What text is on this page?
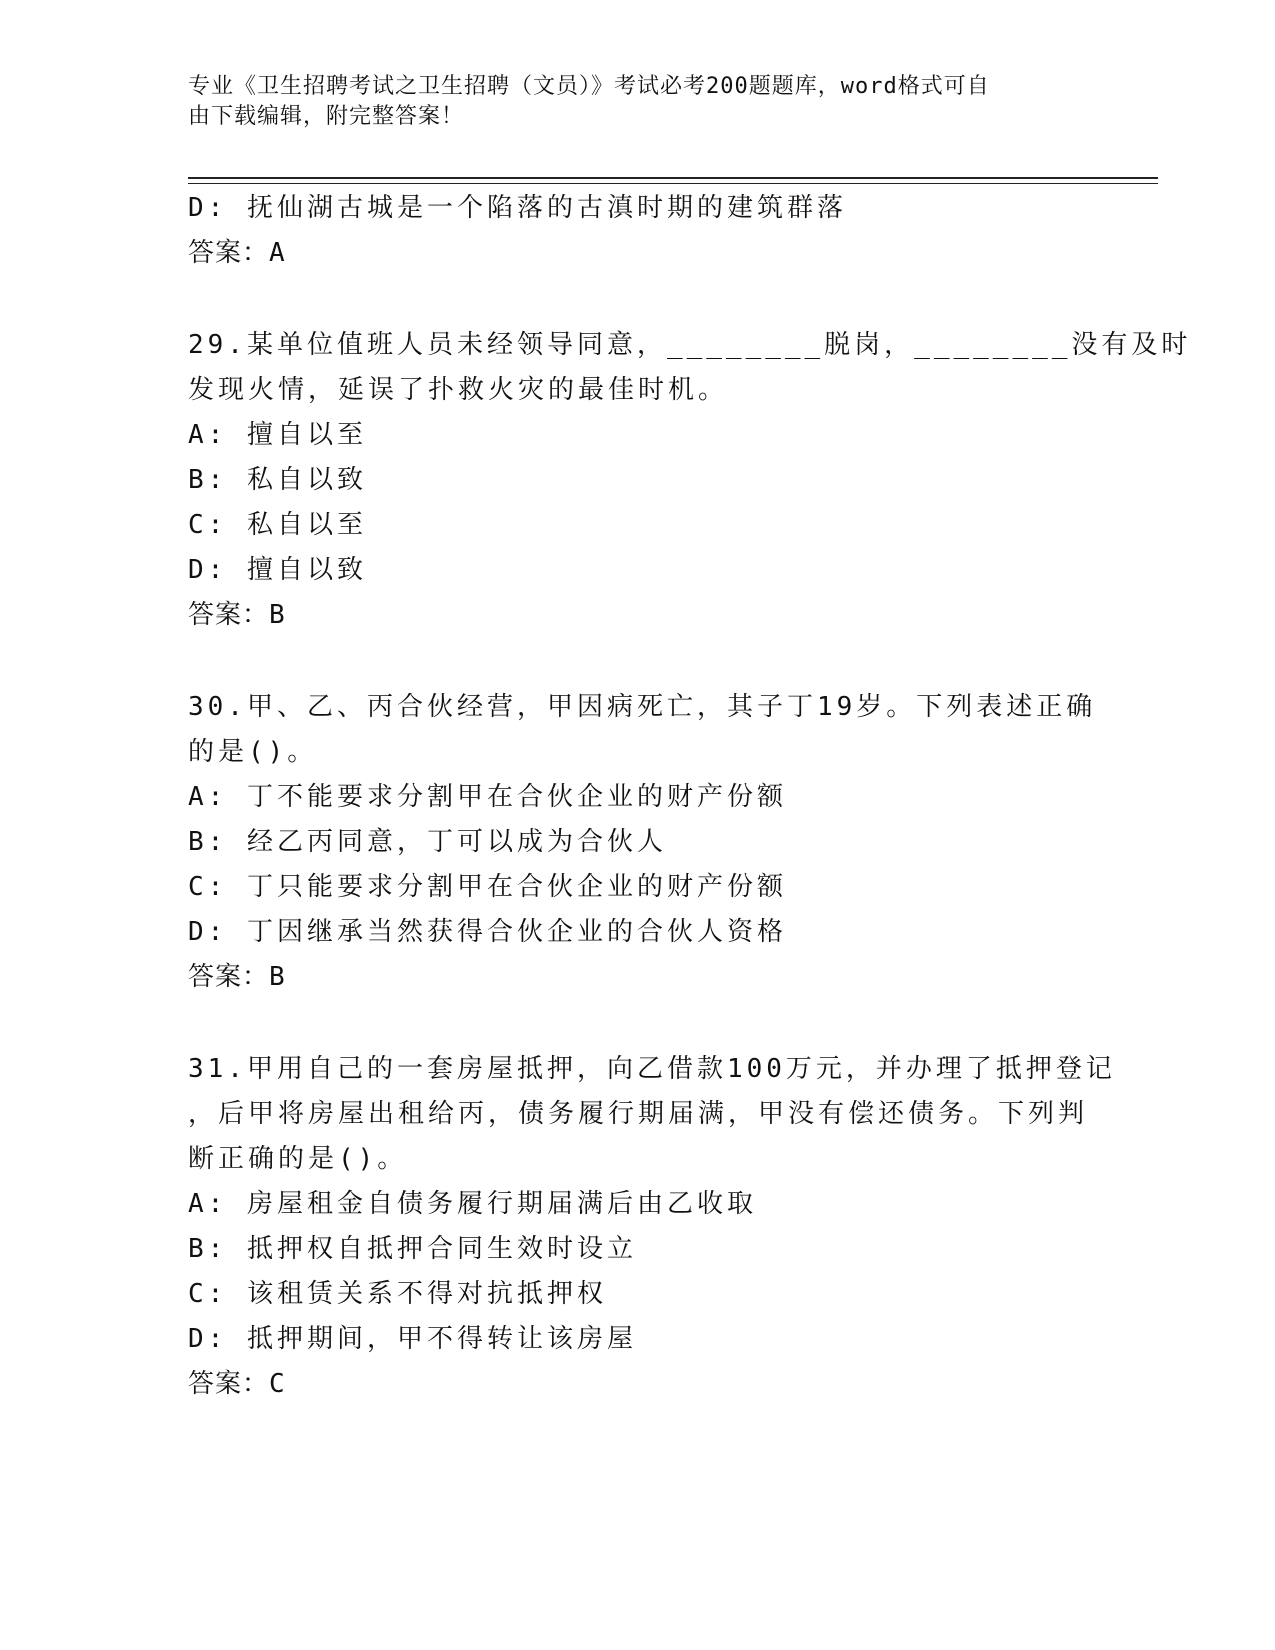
专业《卫生招聘考试之卫生招聘（文员）》考试必考200题题库，word格式可自
由下载编辑，附完整答案！
D: 抚仙湖古城是一个陷落的古滇时期的建筑群落
答案：A
29.某单位值班人员未经领导同意，________脱岗，________没有及时
发现火情，延误了扑救火灾的最佳时机。
A: 擅自以至
B: 私自以致
C: 私自以至
D: 擅自以致
答案：B
30.甲、乙、丙合伙经营，甲因病死亡，其子丁19岁。下列表述正确
的是()。
A: 丁不能要求分割甲在合伙企业的财产份额
B: 经乙丙同意，丁可以成为合伙人
C: 丁只能要求分割甲在合伙企业的财产份额
D: 丁因继承当然获得合伙企业的合伙人资格
答案：B
31.甲用自己的一套房屋抵押，向乙借款100万元，并办理了抵押登记
，后甲将房屋出租给丙，债务履行期届满，甲没有偿还债务。下列判
断正确的是()。
A: 房屋租金自债务履行期届满后由乙收取
B: 抵押权自抵押合同生效时设立
C: 该租赁关系不得对抗抵押权
D: 抵押期间，甲不得转让该房屋
答案：C
